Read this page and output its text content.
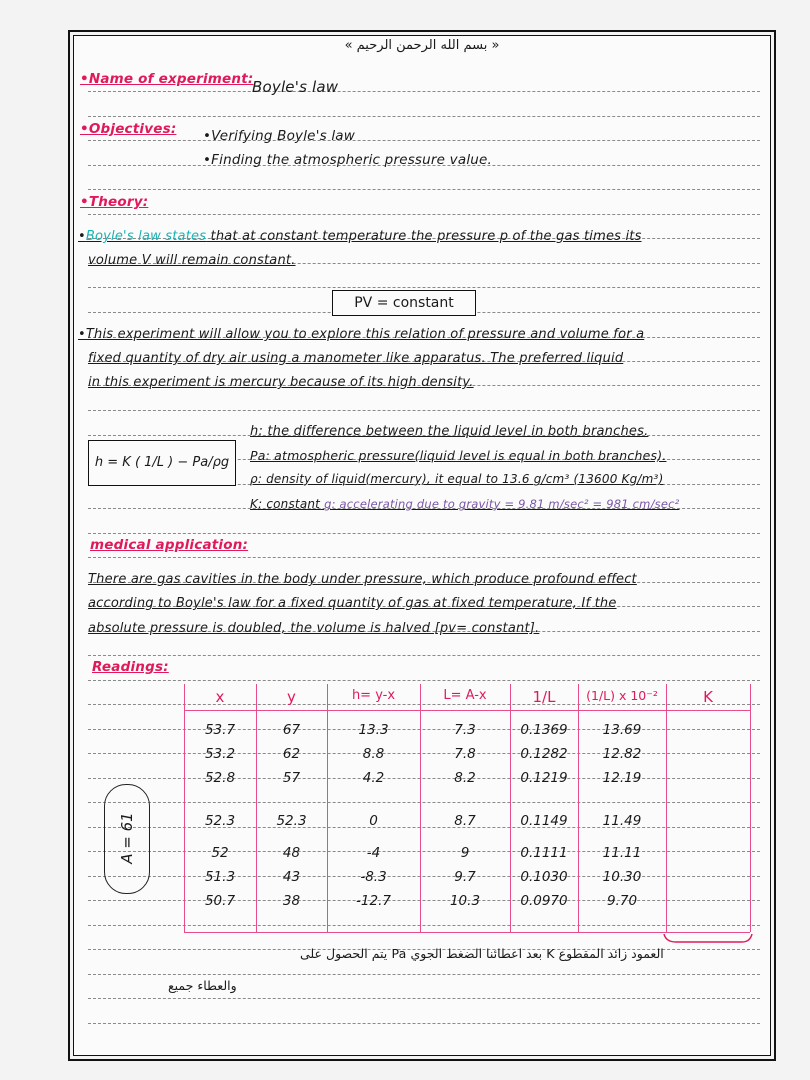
« بسم الله الرحمن الرحيم »
•Name of experiment:
Boyle's law
•Objectives: •Verifying Boyle's law
•Finding the atmospheric pressure value.
•Theory:
•Boyle's law states that at constant temperature the pressure p of the gas times its
volume V will remain constant.
PV = constant
•This experiment will allow you to explore this relation of pressure and volume for a
fixed quantity of dry air using a manometer like apparatus. The preferred liquid
in this experiment is mercury because of its high density.
h = K ( 1/L ) − Pa/ρg
h: the difference between the liquid level in both branches.
Pa: atmospheric pressure(liquid level is equal in both branches).
ρ: density of liquid(mercury), it equal to 13.6 g/cm³ (13600 Kg/m³)
K: constant g: accelerating due to gravity = 9.81 m/sec² = 981 cm/sec²
medical application:
There are gas cavities in the body under pressure, which produce profound effect
according to Boyle's law for a fixed quantity of gas at fixed temperature, If the
absolute pressure is doubled, the volume is halved [pv= constant].
Readings:
x	y	h= y-x	L= A-x	1/L	(1/L) x 10⁻²	K
53.7	67	13.3	7.3	0.1369	13.69
53.2	62	8.8	7.8	0.1282	12.82
52.8	57	4.2	8.2	0.1219	12.19
52.3	52.3	0	8.7	0.1149	11.49
52	48	-4	9	0.1111	11.11
51.3	43	-8.3	9.7	0.1030	10.30
50.7	38	-12.7	10.3	0.0970	9.70
A = 61
العمود زائد المقطوع K بعد اعطائنا الضغط الجوي Pa يتم الحصول على
والعطاء جميع
